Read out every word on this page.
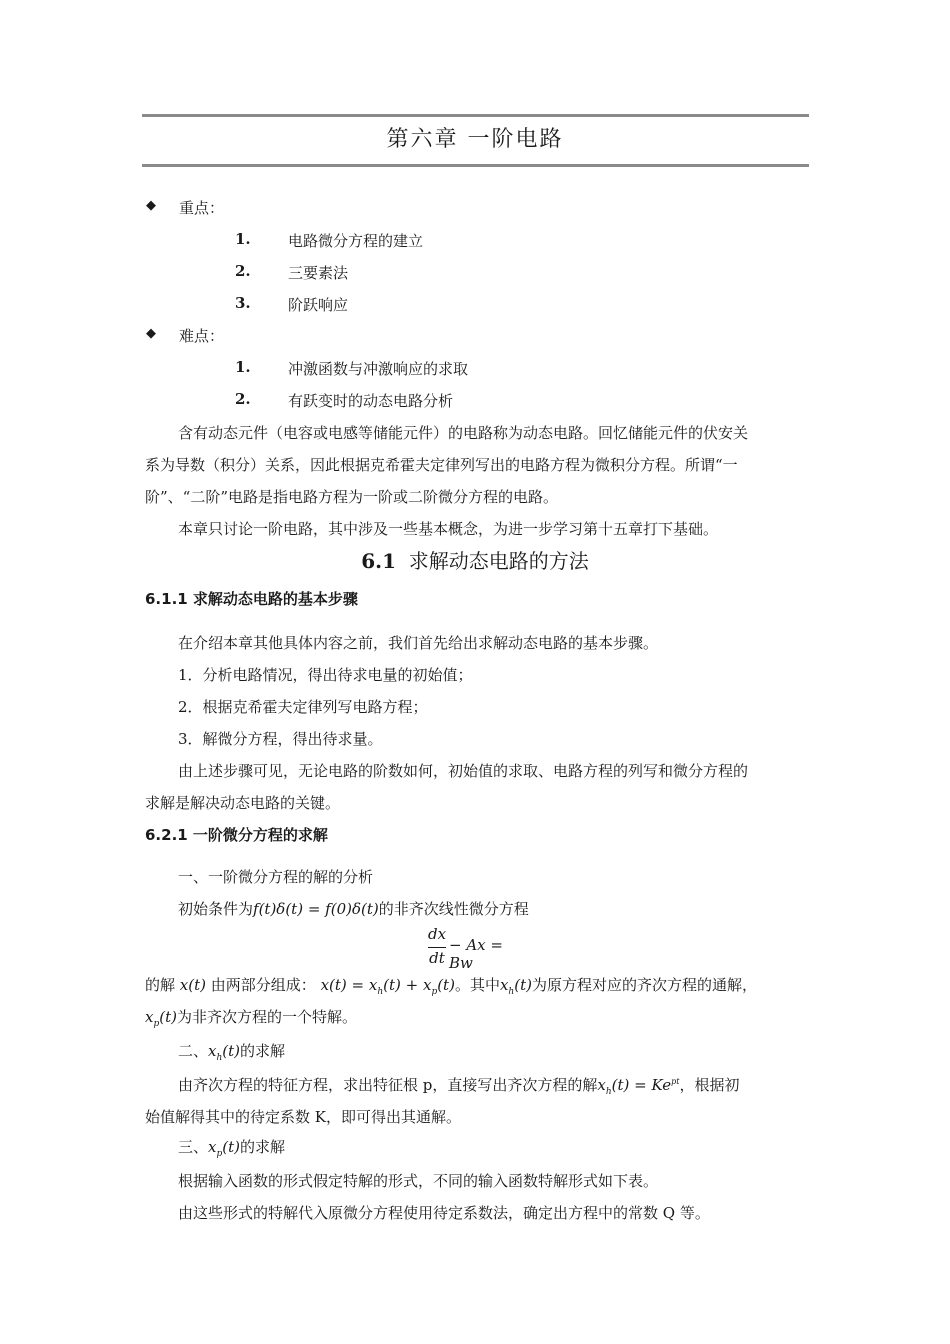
第六章 一阶电路
◆ 重点：
1. 电路微分方程的建立
2. 三要素法
3. 阶跃响应
◆ 难点：
1. 冲激函数与冲激响应的求取
2. 有跃变时的动态电路分析
含有动态元件（电容或电感等储能元件）的电路称为动态电路。回忆储能元件的伏安关
系为导数（积分）关系，因此根据克希霍夫定律列写出的电路方程为微积分方程。所谓“一
阶”、“二阶”电路是指电路方程为一阶或二阶微分方程的电路。
本章只讨论一阶电路，其中涉及一些基本概念，为进一步学习第十五章打下基础。
6.1 求解动态电路的方法
6.1.1 求解动态电路的基本步骤
在介绍本章其他具体内容之前，我们首先给出求解动态电路的基本步骤。
1．分析电路情况，得出待求电量的初始值；
2．根据克希霍夫定律列写电路方程；
3．解微分方程，得出待求量。
由上述步骤可见，无论电路的阶数如何，初始值的求取、电路方程的列写和微分方程的
求解是解决动态电路的关键。
6.2.1 一阶微分方程的求解
一、一阶微分方程的解的分析
初始条件为f(t)δ(t) = f(0)δ(t)的非齐次线性微分方程
dx
dt
− Ax = Bw
的解 x(t) 由两部分组成： $x(t) = x_h(t) + x_p(t)$。其中$x_h(t)$为原方程对应的齐次方程的通解，
$x_p(t)$为非齐次方程的一个特解。
二、$x_h(t)$的求解
由齐次方程的特征方程，求出特征根 p，直接写出齐次方程的解$x_h(t) = Ke^{pt}$，根据初
始值解得其中的待定系数 K，即可得出其通解。
三、$x_p(t)$的求解
根据输入函数的形式假定特解的形式，不同的输入函数特解形式如下表。
由这些形式的特解代入原微分方程使用待定系数法，确定出方程中的常数 Q 等。
